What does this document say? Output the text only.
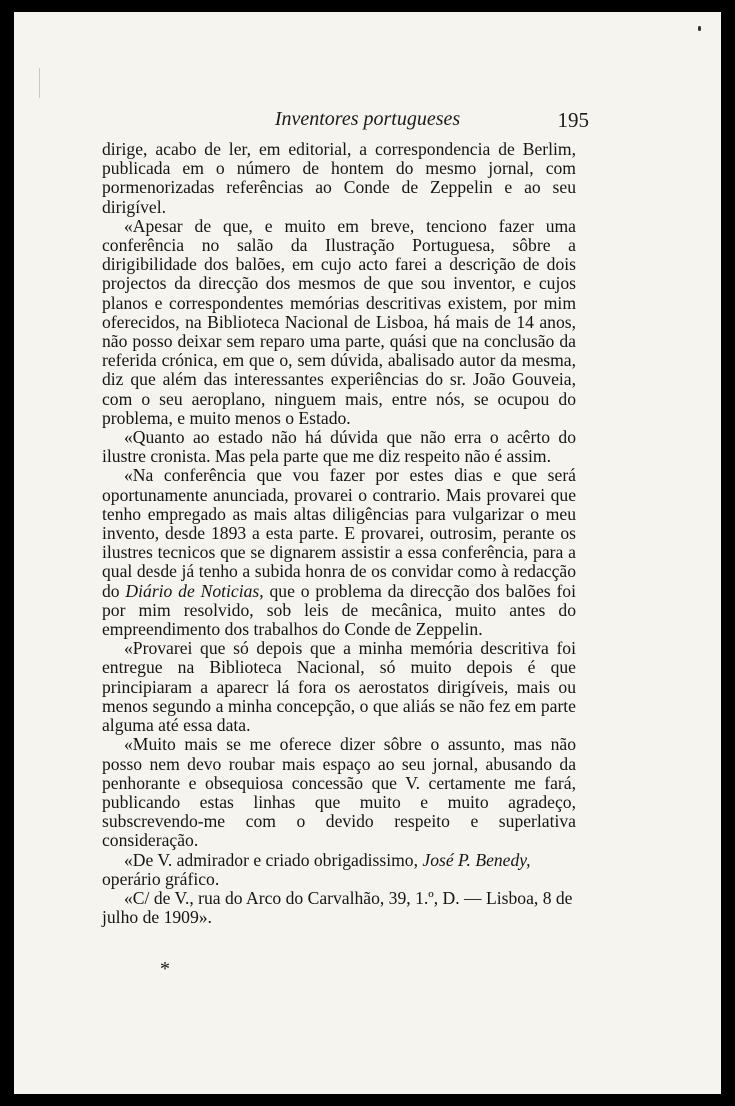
Inventores portugueses	195

dirige, acabo de ler, em editorial, a correspondencia de Berlim, publicada em o número de hontem do mesmo jornal, com pormenorizadas referências ao Conde de Zeppelin e ao seu dirigível.

«Apesar de que, e muito em breve, tenciono fazer uma conferência no salão da Ilustração Portuguesa, sôbre a dirigibilidade dos balões, em cujo acto farei a descrição de dois projectos da direcção dos mesmos de que sou inventor, e cujos planos e correspondentes memórias descritivas existem, por mim oferecidos, na Biblioteca Nacional de Lisboa, há mais de 14 anos, não posso deixar sem reparo uma parte, quási que na conclusão da referida crónica, em que o, sem dúvida, abalisado autor da mesma, diz que além das interessantes experiências do sr. João Gouveia, com o seu aeroplano, ninguem mais, entre nós, se ocupou do problema, e muito menos o Estado.

«Quanto ao estado não há dúvida que não erra o acêrto do ilustre cronista. Mas pela parte que me diz respeito não é assim.

«Na conferência que vou fazer por estes dias e que será oportunamente anunciada, provarei o contrario. Mais provarei que tenho empregado as mais altas diligências para vulgarizar o meu invento, desde 1893 a esta parte. E provarei, outrosim, perante os ilustres tecnicos que se dignarem assistir a essa conferência, para a qual desde já tenho a subida honra de os convidar como à redacção do Diário de Noticias, que o problema da direcção dos balões foi por mim resolvido, sob leis de mecânica, muito antes do empreendimento dos trabalhos do Conde de Zeppelin.

«Provarei que só depois que a minha memória descritiva foi entregue na Biblioteca Nacional, só muito depois é que principiaram a aparecr lá fora os aerostatos dirigíveis, mais ou menos segundo a minha concepção, o que aliás se não fez em parte alguma até essa data.

«Muito mais se me oferece dizer sôbre o assunto, mas não posso nem devo roubar mais espaço ao seu jornal, abusando da penhorante e obsequiosa concessão que V. certamente me fará, publicando estas linhas que muito e muito agradeço, subscrevendo-me com o devido respeito e superlativa consideração.

«De V. admirador e criado obrigadissimo, José P. Benedy, operário gráfico.

«C/ de V., rua do Arco do Carvalhão, 39, 1.º, D. — Lisboa, 8 de julho de 1909».

*
